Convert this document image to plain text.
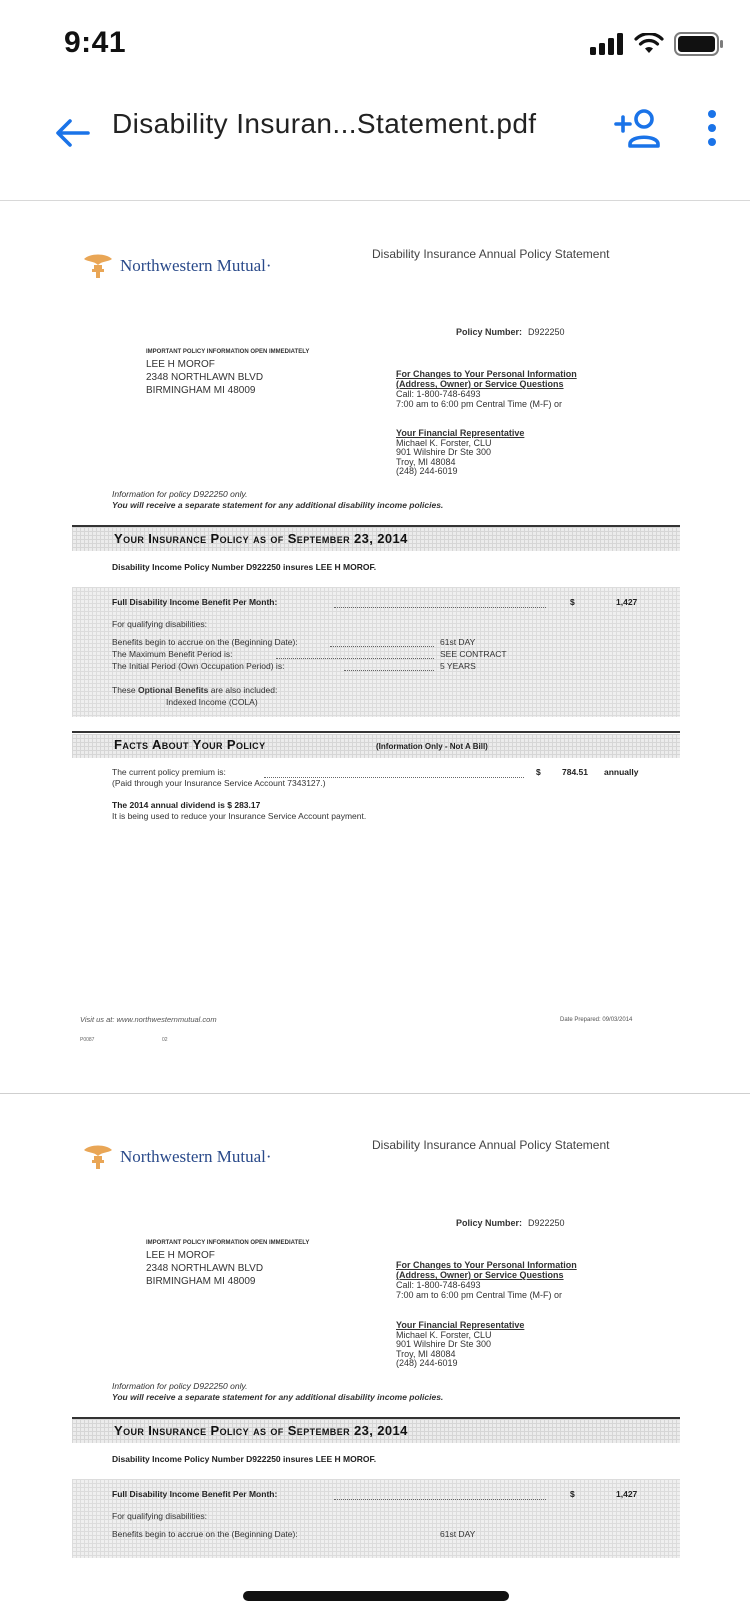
9:41
Disability Insuran...Statement.pdf
Northwestern Mutual·
Disability Insurance Annual Policy Statement
Policy Number: D922250
IMPORTANT POLICY INFORMATION OPEN IMMEDIATELY
LEE H MOROF
2348 NORTHLAWN BLVD
BIRMINGHAM MI 48009
For Changes to Your Personal Information
(Address, Owner) or Service Questions
Call: 1-800-748-6493
7:00 am to 6:00 pm Central Time (M-F) or
Your Financial Representative
Michael K. Forster, CLU
901 Wilshire Dr Ste 300
Troy, MI 48084
(248) 244-6019
Information for policy D922250 only.
You will receive a separate statement for any additional disability income policies.
Your Insurance Policy as of September 23, 2014
Disability Income Policy Number D922250 insures LEE H MOROF.
Full Disability Income Benefit Per Month:	$	1,427
For qualifying disabilities:
Benefits begin to accrue on the (Beginning Date):	61st DAY
The Maximum Benefit Period is:	SEE CONTRACT
The Initial Period (Own Occupation Period) is:	5 YEARS
These Optional Benefits are also included:
Indexed Income (COLA)
Facts About Your Policy	(Information Only - Not A Bill)
The current policy premium is:	$	784.51 annually
(Paid through your Insurance Service Account 7343127.)
The 2014 annual dividend is $ 283.17
It is being used to reduce your Insurance Service Account payment.
Visit us at: www.northwesternmutual.com	Date Prepared: 09/03/2014
P0087	02
Northwestern Mutual·
Disability Insurance Annual Policy Statement
Policy Number: D922250
IMPORTANT POLICY INFORMATION OPEN IMMEDIATELY
LEE H MOROF
2348 NORTHLAWN BLVD
BIRMINGHAM MI 48009
For Changes to Your Personal Information
(Address, Owner) or Service Questions
Call: 1-800-748-6493
7:00 am to 6:00 pm Central Time (M-F) or
Your Financial Representative
Michael K. Forster, CLU
901 Wilshire Dr Ste 300
Troy, MI 48084
(248) 244-6019
Information for policy D922250 only.
You will receive a separate statement for any additional disability income policies.
Your Insurance Policy as of September 23, 2014
Disability Income Policy Number D922250 insures LEE H MOROF.
Full Disability Income Benefit Per Month:	$	1,427
For qualifying disabilities:
Benefits begin to accrue on the (Beginning Date):	61st DAY
